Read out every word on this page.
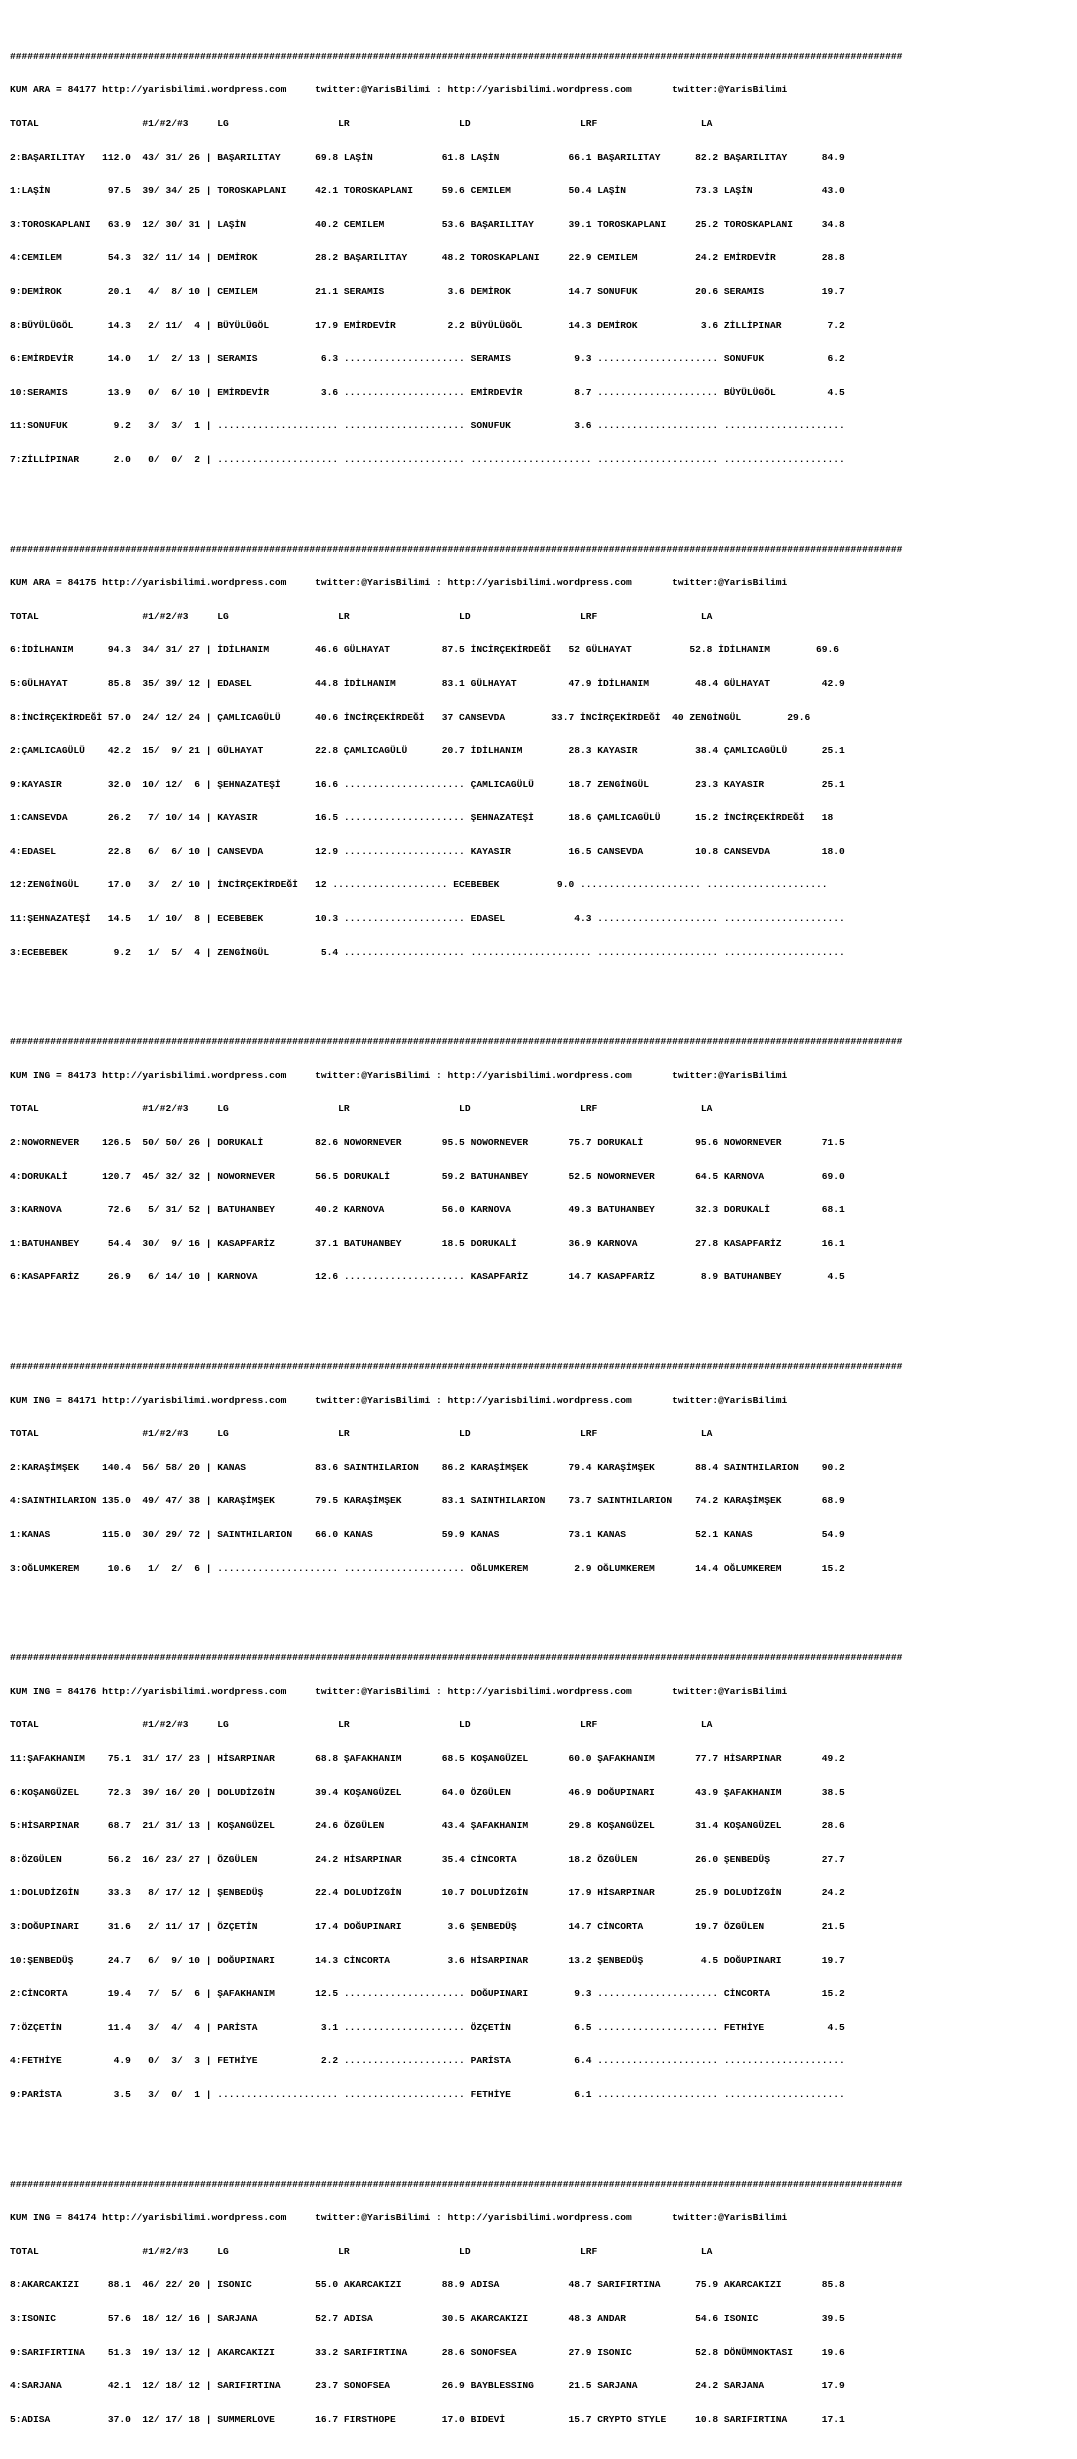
###########################################################################################################################################################

KUM ARA = 84177 http://yarisbilimi.wordpress.com     twitter:@YarisBilimi : http://yarisbilimi.wordpress.com       twitter:@YarisBilimi

TOTAL                  #1/#2/#3     LG                   LR                   LD                   LRF                  LA

2:BAŞARILITAY   112.0  43/ 31/ 26 | BAŞARILITAY      69.8 LAŞİN            61.8 LAŞİN            66.1 BAŞARILITAY      82.2 BAŞARILITAY      84.9

1:LAŞİN          97.5  39/ 34/ 25 | TOROSKAPLANI     42.1 TOROSKAPLANI     59.6 CEMILEM          50.4 LAŞİN            73.3 LAŞİN            43.0

3:TOROSKAPLANI   63.9  12/ 30/ 31 | LAŞİN            40.2 CEMILEM          53.6 BAŞARILITAY      39.1 TOROSKAPLANI     25.2 TOROSKAPLANI     34.8

4:CEMILEM        54.3  32/ 11/ 14 | DEMİROK          28.2 BAŞARILITAY      48.2 TOROSKAPLANI     22.9 CEMILEM          24.2 EMİRDEVİR        28.8

9:DEMİROK        20.1   4/  8/ 10 | CEMILEM          21.1 SERAMIS           3.6 DEMİROK          14.7 SONUFUK          20.6 SERAMIS          19.7

8:BÜYÜLÜGÖL      14.3   2/ 11/  4 | BÜYÜLÜGÖL        17.9 EMİRDEVİR         2.2 BÜYÜLÜGÖL        14.3 DEMİROK           3.6 ZİLLİPINAR        7.2

6:EMİRDEVİR      14.0   1/  2/ 13 | SERAMIS           6.3 ..................... SERAMIS           9.3 ..................... SONUFUK           6.2

10:SERAMIS       13.9   0/  6/ 10 | EMİRDEVİR         3.6 ..................... EMİRDEVİR         8.7 ..................... BÜYÜLÜGÖL         4.5

11:SONUFUK        9.2   3/  3/  1 | ..................... ..................... SONUFUK           3.6 ..................... .....................

7:ZİLLİPINAR      2.0   0/  0/  2 | ..................... ..................... ..................... ..................... .....................

###########################################################################################################################################################

KUM ARA = 84175 http://yarisbilimi.wordpress.com     twitter:@YarisBilimi : http://yarisbilimi.wordpress.com       twitter:@YarisBilimi

TOTAL                  #1/#2/#3     LG                   LR                   LD                   LRF                  LA

6:İDİLHANIM      94.3  34/ 31/ 27 | İDİLHANIM        46.6 GÜLHAYAT         87.5 İNCİRÇEKİRDEĞİ   52 GÜLHAYAT          52.8 İDİLHANIM        69.6

5:GÜLHAYAT       85.8  35/ 39/ 12 | EDASEL           44.8 İDİLHANIM        83.1 GÜLHAYAT         47.9 İDİLHANIM        48.4 GÜLHAYAT         42.9

8:İNCİRÇEKİRDEĞİ 57.0  24/ 12/ 24 | ÇAMLICAGÜLÜ      40.6 İNCİRÇEKİRDEĞİ   37 CANSEVDA        33.7 İNCİRÇEKİRDEĞİ  40 ZENGİNGÜL        29.6

2:ÇAMLICAGÜLÜ    42.2  15/  9/ 21 | GÜLHAYAT         22.8 ÇAMLICAGÜLÜ      20.7 İDİLHANIM        28.3 KAYASIR          38.4 ÇAMLICAGÜLÜ      25.1

9:KAYASIR        32.0  10/ 12/  6 | ŞEHNAZATEŞİ      16.6 ..................... ÇAMLICAGÜLÜ      18.7 ZENGİNGÜL        23.3 KAYASIR          25.1

1:CANSEVDA       26.2   7/ 10/ 14 | KAYASIR          16.5 ..................... ŞEHNAZATEŞİ      18.6 ÇAMLICAGÜLÜ      15.2 İNCİRÇEKİRDEĞİ   18

4:EDASEL         22.8   6/  6/ 10 | CANSEVDA         12.9 ..................... KAYASIR          16.5 CANSEVDA         10.8 CANSEVDA         18.0

12:ZENGİNGÜL     17.0   3/  2/ 10 | İNCİRÇEKİRDEĞİ   12 .................... ECEBEBEK          9.0 ..................... .....................

11:ŞEHNAZATEŞİ   14.5   1/ 10/  8 | ECEBEBEK         10.3 ..................... EDASEL            4.3 ..................... .....................

3:ECEBEBEK        9.2   1/  5/  4 | ZENGİNGÜL         5.4 ..................... ..................... ..................... .....................

###########################################################################################################################################################

KUM ING = 84173 http://yarisbilimi.wordpress.com     twitter:@YarisBilimi : http://yarisbilimi.wordpress.com       twitter:@YarisBilimi

TOTAL                  #1/#2/#3     LG                   LR                   LD                   LRF                  LA

2:NOWORNEVER    126.5  50/ 50/ 26 | DORUKALİ         82.6 NOWORNEVER       95.5 NOWORNEVER       75.7 DORUKALİ         95.6 NOWORNEVER       71.5

4:DORUKALİ      120.7  45/ 32/ 32 | NOWORNEVER       56.5 DORUKALİ         59.2 BATUHANBEY       52.5 NOWORNEVER       64.5 KARNOVA          69.0

3:KARNOVA        72.6   5/ 31/ 52 | BATUHANBEY       40.2 KARNOVA          56.0 KARNOVA          49.3 BATUHANBEY       32.3 DORUKALİ         68.1

1:BATUHANBEY     54.4  30/  9/ 16 | KASAPFARİZ       37.1 BATUHANBEY       18.5 DORUKALİ         36.9 KARNOVA          27.8 KASAPFARİZ       16.1

6:KASAPFARİZ     26.9   6/ 14/ 10 | KARNOVA          12.6 ..................... KASAPFARİZ       14.7 KASAPFARİZ        8.9 BATUHANBEY        4.5

###########################################################################################################################################################

KUM ING = 84171 http://yarisbilimi.wordpress.com     twitter:@YarisBilimi : http://yarisbilimi.wordpress.com       twitter:@YarisBilimi

TOTAL                  #1/#2/#3     LG                   LR                   LD                   LRF                  LA

2:KARAŞİMŞEK    140.4  56/ 58/ 20 | KANAS            83.6 SAINTHILARION    86.2 KARAŞİMŞEK       79.4 KARAŞİMŞEK       88.4 SAINTHILARION    90.2

4:SAINTHILARION 135.0  49/ 47/ 38 | KARAŞİMŞEK       79.5 KARAŞİMŞEK       83.1 SAINTHILARION    73.7 SAINTHILARION    74.2 KARAŞİMŞEK       68.9

1:KANAS         115.0  30/ 29/ 72 | SAINTHILARION    66.0 KANAS            59.9 KANAS            73.1 KANAS            52.1 KANAS            54.9

3:OĞLUMKEREM     10.6   1/  2/  6 | ..................... ..................... OĞLUMKEREM        2.9 OĞLUMKEREM       14.4 OĞLUMKEREM       15.2

###########################################################################################################################################################

KUM ING = 84176 http://yarisbilimi.wordpress.com     twitter:@YarisBilimi : http://yarisbilimi.wordpress.com       twitter:@YarisBilimi

TOTAL                  #1/#2/#3     LG                   LR                   LD                   LRF                  LA

11:ŞAFAKHANIM    75.1  31/ 17/ 23 | HİSARPINAR       68.8 ŞAFAKHANIM       68.5 KOŞANGÜZEL       60.0 ŞAFAKHANIM       77.7 HİSARPINAR       49.2

6:KOŞANGÜZEL     72.3  39/ 16/ 20 | DOLUDİZGİN       39.4 KOŞANGÜZEL       64.0 ÖZGÜLEN          46.9 DOĞUPINARI       43.9 ŞAFAKHANIM       38.5

5:HİSARPINAR     68.7  21/ 31/ 13 | KOŞANGÜZEL       24.6 ÖZGÜLEN          43.4 ŞAFAKHANIM       29.8 KOŞANGÜZEL       31.4 KOŞANGÜZEL       28.6

8:ÖZGÜLEN        56.2  16/ 23/ 27 | ÖZGÜLEN          24.2 HİSARPINAR       35.4 CİNCORTA         18.2 ÖZGÜLEN          26.0 ŞENBEDÜŞ         27.7

1:DOLUDİZGİN     33.3   8/ 17/ 12 | ŞENBEDÜŞ         22.4 DOLUDİZGİN       10.7 DOLUDİZGİN       17.9 HİSARPINAR       25.9 DOLUDİZGİN       24.2

3:DOĞUPINARI     31.6   2/ 11/ 17 | ÖZÇETİN          17.4 DOĞUPINARI        3.6 ŞENBEDÜŞ         14.7 CİNCORTA         19.7 ÖZGÜLEN          21.5

10:ŞENBEDÜŞ      24.7   6/  9/ 10 | DOĞUPINARI       14.3 CİNCORTA          3.6 HİSARPINAR       13.2 ŞENBEDÜŞ          4.5 DOĞUPINARI       19.7

2:CİNCORTA       19.4   7/  5/  6 | ŞAFAKHANIM       12.5 ..................... DOĞUPINARI        9.3 ..................... CİNCORTA         15.2

7:ÖZÇETİN        11.4   3/  4/  4 | PARİSTA           3.1 ..................... ÖZÇETİN           6.5 ..................... FETHİYE           4.5

4:FETHİYE         4.9   0/  3/  3 | FETHİYE           2.2 ..................... PARİSTA           6.4 ..................... .....................

9:PARİSTA         3.5   3/  0/  1 | ..................... ..................... FETHİYE           6.1 ..................... .....................

###########################################################################################################################################################

KUM ING = 84174 http://yarisbilimi.wordpress.com     twitter:@YarisBilimi : http://yarisbilimi.wordpress.com       twitter:@YarisBilimi

TOTAL                  #1/#2/#3     LG                   LR                   LD                   LRF                  LA

8:AKARCAKIZI     88.1  46/ 22/ 20 | ISONIC           55.0 AKARCAKIZI       88.9 ADISA            48.7 SARIFIRTINA      75.9 AKARCAKIZI       85.8

3:ISONIC         57.6  18/ 12/ 16 | SARJANA          52.7 ADISA            30.5 AKARCAKIZI       48.3 ANDAR            54.6 ISONIC           39.5

9:SARIFIRTINA    51.3  19/ 13/ 12 | AKARCAKIZI       33.2 SARIFIRTINA      28.6 SONOFSEA         27.9 ISONIC           52.8 DÖNÜMNOKTASI     19.6

4:SARJANA        42.1  12/ 18/ 12 | SARIFIRTINA      23.7 SONOFSEA         26.9 BAYBLESSING      21.5 SARJANA          24.2 SARJANA          17.9

5:ADISA          37.0  12/ 17/ 18 | SUMMERLOVE       16.7 FIRSTHOPE        17.0 BIDEVİ           15.7 CRYPTO STYLE     10.8 SARIFIRTINA      17.1
